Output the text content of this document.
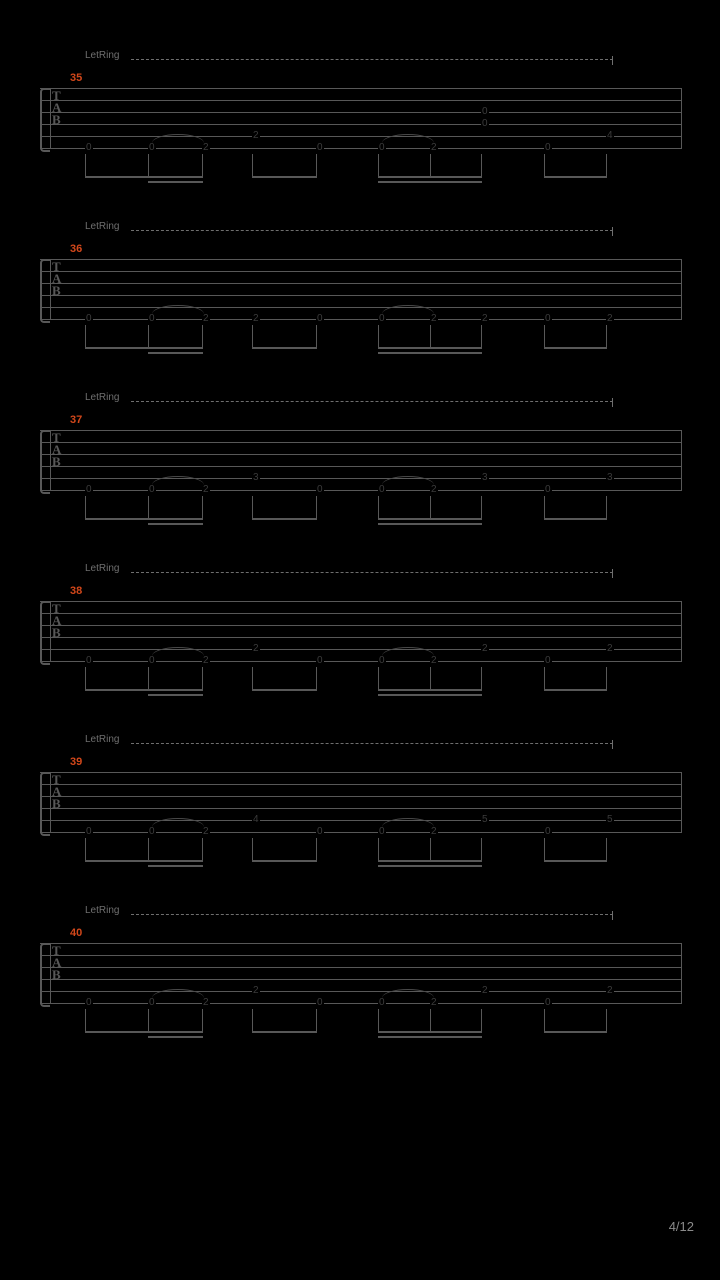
LetRing
35
T
A
B
0	0	2
2
0	0	2
0
0
0
4
LetRing
36
T
A
B
0	0	2	2	0	0	2	2	0	2
LetRing
37
T
A
B
0	0	2
3
0	0	2
3
0
3
LetRing
38
T
A
B
0	0	2
2
0	0	2
2
0
2
LetRing
39
T
A
B
0	0	2
4
0	0	2
5
0
5
LetRing
40
T
A
B
0	0	2
2
0	0	2
2
0
2
4/12
